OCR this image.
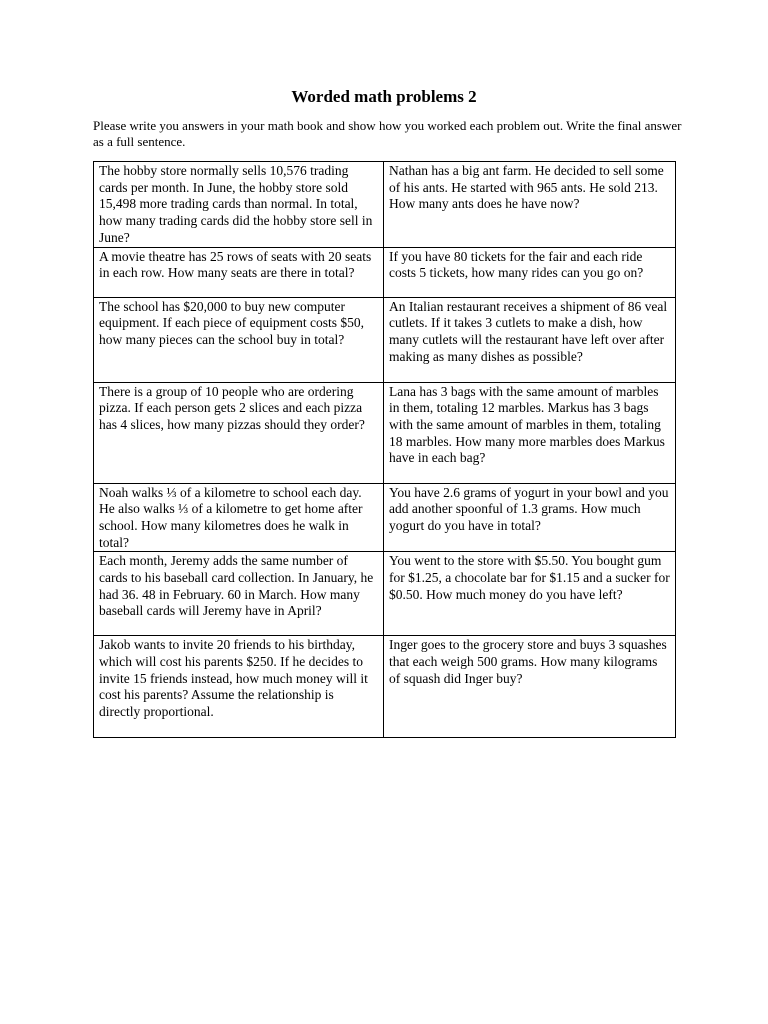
Worded math problems 2
Please write you answers in your math book and show how you worked each problem out. Write the final answer as a full sentence.
The hobby store normally sells 10,576 trading cards per month. In June, the hobby store sold 15,498 more trading cards than normal. In total, how many trading cards did the hobby store sell in June?	Nathan has a big ant farm. He decided to sell some of his ants. He started with 965 ants. He sold 213. How many ants does he have now?
A movie theatre has 25 rows of seats with 20 seats in each row. How many seats are there in total?	If you have 80 tickets for the fair and each ride costs 5 tickets, how many rides can you go on?
The school has $20,000 to buy new computer equipment. If each piece of equipment costs $50, how many pieces can the school buy in total?	An Italian restaurant receives a shipment of 86 veal cutlets. If it takes 3 cutlets to make a dish, how many cutlets will the restaurant have left over after making as many dishes as possible?
There is a group of 10 people who are ordering pizza. If each person gets 2 slices and each pizza has 4 slices, how many pizzas should they order?	Lana has 3 bags with the same amount of marbles in them, totaling 12 marbles. Markus has 3 bags with the same amount of marbles in them, totaling 18 marbles. How many more marbles does Markus have in each bag?
Noah walks ⅓ of a kilometre to school each day. He also walks ⅓ of a kilometre to get home after school. How many kilometres does he walk in total?	You have 2.6 grams of yogurt in your bowl and you add another spoonful of 1.3 grams. How much yogurt do you have in total?
Each month, Jeremy adds the same number of cards to his baseball card collection. In January, he had 36. 48 in February. 60 in March. How many baseball cards will Jeremy have in April?	You went to the store with $5.50. You bought gum for $1.25, a chocolate bar for $1.15 and a sucker for $0.50. How much money do you have left?
Jakob wants to invite 20 friends to his birthday, which will cost his parents $250. If he decides to invite 15 friends instead, how much money will it cost his parents? Assume the relationship is directly proportional.	Inger goes to the grocery store and buys 3 squashes that each weigh 500 grams. How many kilograms of squash did Inger buy?
